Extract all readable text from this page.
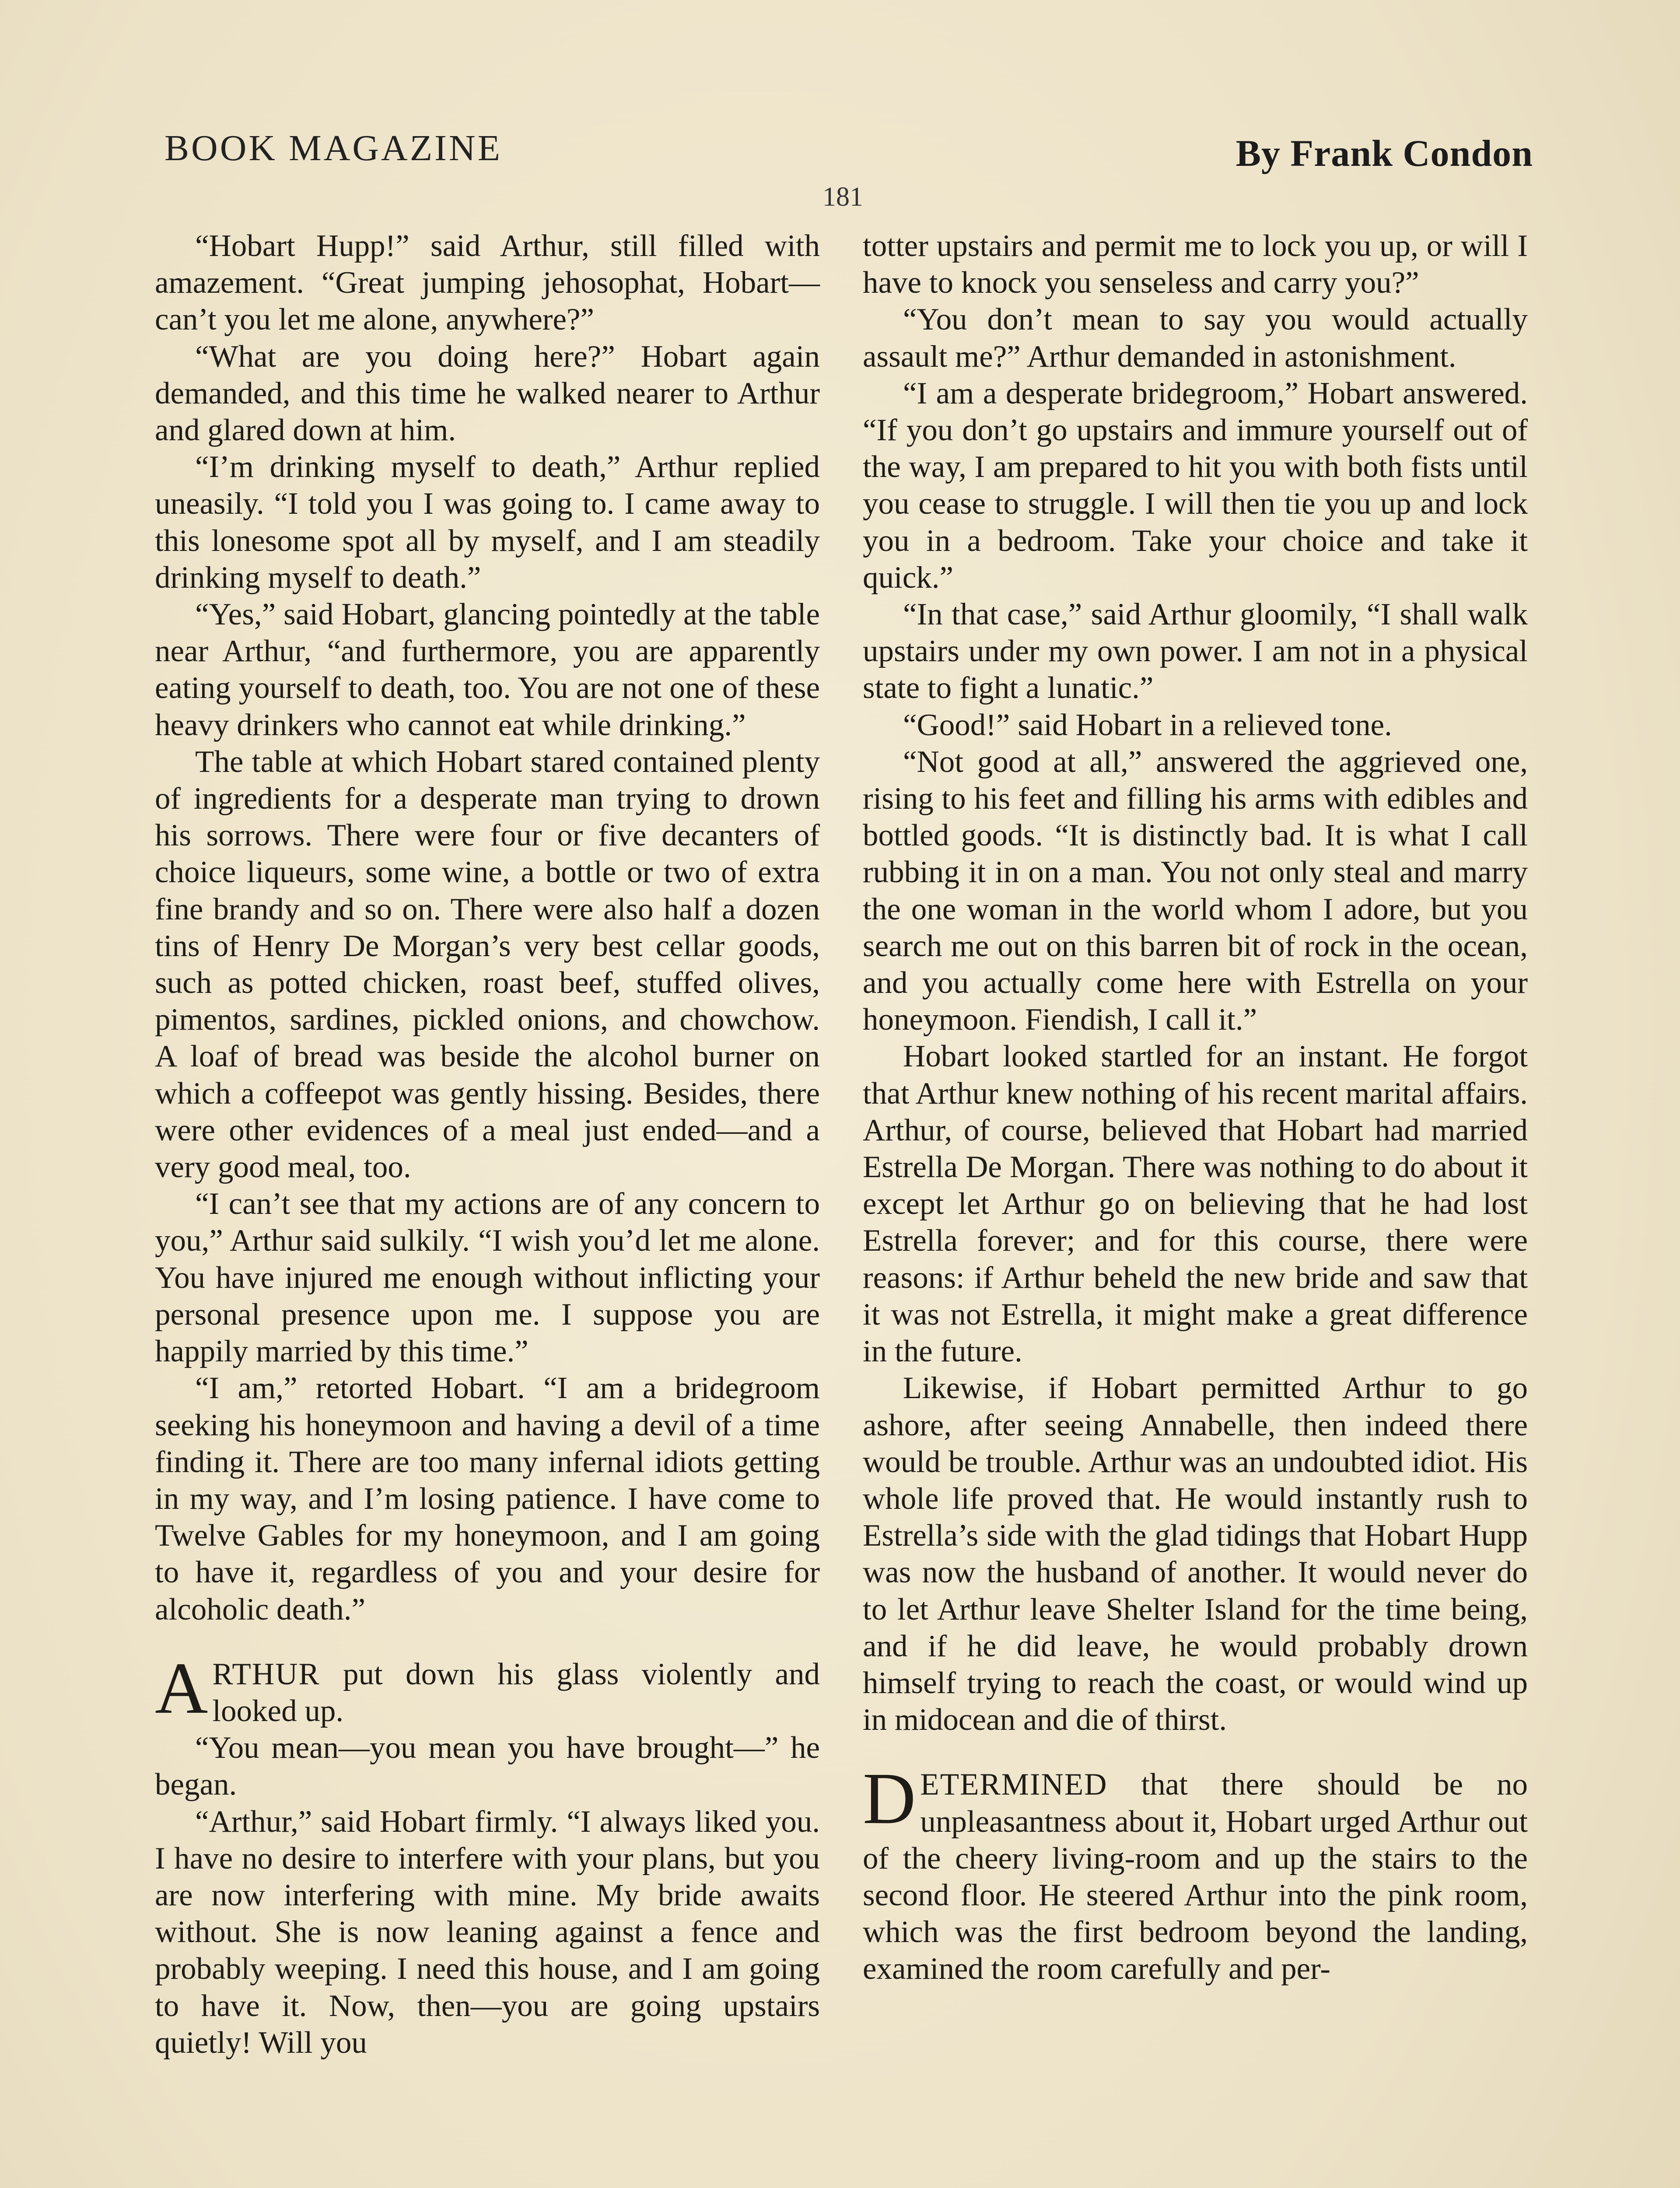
BOOK MAGAZINE	By Frank Condon
181

“Hobart Hupp!” said Arthur, still filled with amazement. “Great jumping jehosophat, Hobart—can’t you let me alone, anywhere?”

“What are you doing here?” Hobart again demanded, and this time he walked nearer to Arthur and glared down at him.

“I’m drinking myself to death,” Arthur replied uneasily. “I told you I was going to. I came away to this lonesome spot all by myself, and I am steadily drinking myself to death.”

“Yes,” said Hobart, glancing pointedly at the table near Arthur, “and furthermore, you are apparently eating yourself to death, too. You are not one of these heavy drinkers who cannot eat while drinking.”

The table at which Hobart stared contained plenty of ingredients for a desperate man trying to drown his sorrows. There were four or five decanters of choice liqueurs, some wine, a bottle or two of extra fine brandy and so on. There were also half a dozen tins of Henry De Morgan’s very best cellar goods, such as potted chicken, roast beef, stuffed olives, pimentos, sardines, pickled onions, and chowchow. A loaf of bread was beside the alcohol burner on which a coffeepot was gently hissing. Besides, there were other evidences of a meal just ended—and a very good meal, too.

“I can’t see that my actions are of any concern to you,” Arthur said sulkily. “I wish you’d let me alone. You have injured me enough without inflicting your personal presence upon me. I suppose you are happily married by this time.”

“I am,” retorted Hobart. “I am a bridegroom seeking his honeymoon and having a devil of a time finding it. There are too many infernal idiots getting in my way, and I’m losing patience. I have come to Twelve Gables for my honeymoon, and I am going to have it, regardless of you and your desire for alcoholic death.”

ARTHUR put down his glass violently and looked up.

“You mean—you mean you have brought—” he began.

“Arthur,” said Hobart firmly. “I always liked you. I have no desire to interfere with your plans, but you are now interfering with mine. My bride awaits without. She is now leaning against a fence and probably weeping. I need this house, and I am going to have it. Now, then—you are going upstairs quietly! Will you

totter upstairs and permit me to lock you up, or will I have to knock you senseless and carry you?”

“You don’t mean to say you would actually assault me?” Arthur demanded in astonishment.

“I am a desperate bridegroom,” Hobart answered. “If you don’t go upstairs and immure yourself out of the way, I am prepared to hit you with both fists until you cease to struggle. I will then tie you up and lock you in a bedroom. Take your choice and take it quick.”

“In that case,” said Arthur gloomily, “I shall walk upstairs under my own power. I am not in a physical state to fight a lunatic.”

“Good!” said Hobart in a relieved tone.

“Not good at all,” answered the aggrieved one, rising to his feet and filling his arms with edibles and bottled goods. “It is distinctly bad. It is what I call rubbing it in on a man. You not only steal and marry the one woman in the world whom I adore, but you search me out on this barren bit of rock in the ocean, and you actually come here with Estrella on your honeymoon. Fiendish, I call it.”

Hobart looked startled for an instant. He forgot that Arthur knew nothing of his recent marital affairs. Arthur, of course, believed that Hobart had married Estrella De Morgan. There was nothing to do about it except let Arthur go on believing that he had lost Estrella forever; and for this course, there were reasons: if Arthur beheld the new bride and saw that it was not Estrella, it might make a great difference in the future.

Likewise, if Hobart permitted Arthur to go ashore, after seeing Annabelle, then indeed there would be trouble. Arthur was an undoubted idiot. His whole life proved that. He would instantly rush to Estrella’s side with the glad tidings that Hobart Hupp was now the husband of another. It would never do to let Arthur leave Shelter Island for the time being, and if he did leave, he would probably drown himself trying to reach the coast, or would wind up in midocean and die of thirst.

DETERMINED that there should be no unpleasantness about it, Hobart urged Arthur out of the cheery living-room and up the stairs to the second floor. He steered Arthur into the pink room, which was the first bedroom beyond the landing, examined the room carefully and per-
